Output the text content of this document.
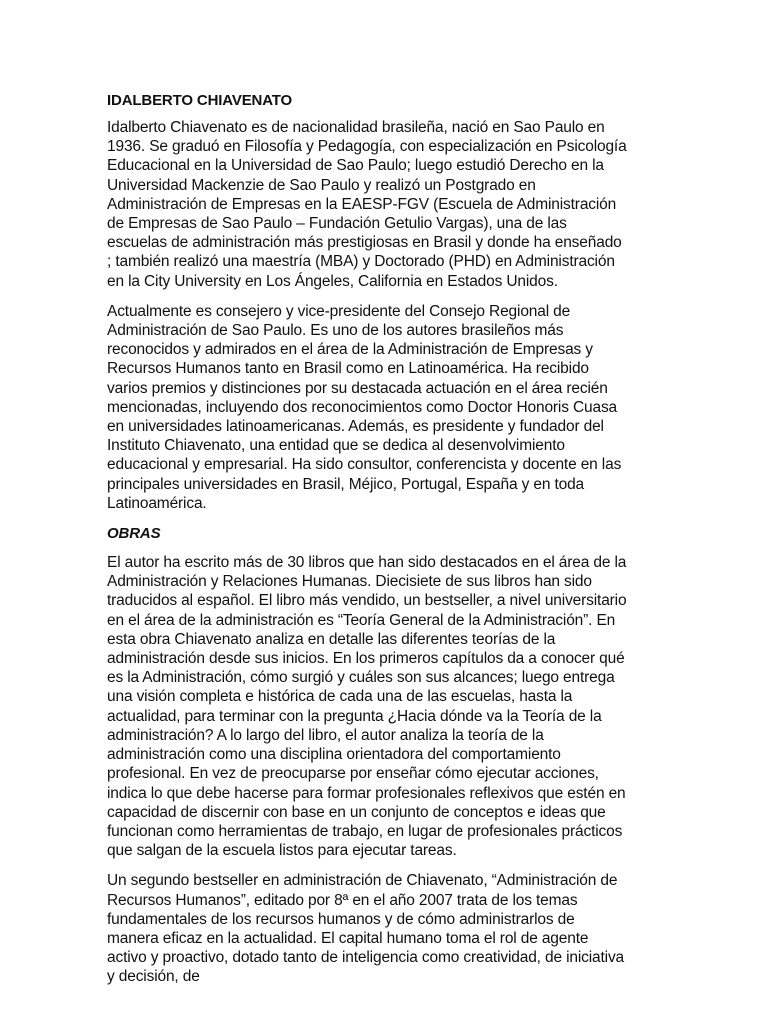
IDALBERTO CHIAVENATO

Idalberto Chiavenato es de nacionalidad brasileña, nació en Sao Paulo en 1936. Se graduó en Filosofía y Pedagogía, con especialización en Psicología Educacional en la Universidad de Sao Paulo; luego estudió Derecho en la Universidad Mackenzie de Sao Paulo y realizó un Postgrado en Administración de Empresas en la EAESP-FGV (Escuela de Administración de Empresas de Sao Paulo – Fundación Getulio Vargas), una de las escuelas de administración más prestigiosas en Brasil y donde ha enseñado ; también realizó una maestría (MBA) y Doctorado (PHD) en Administración en la City University en Los Ángeles, California en Estados Unidos.

Actualmente es consejero y vice-presidente del Consejo Regional de Administración de Sao Paulo. Es uno de los autores brasileños más reconocidos y admirados en el área de la Administración de Empresas y Recursos Humanos tanto en Brasil como en Latinoamérica. Ha recibido varios premios y distinciones por su destacada actuación en el área recién mencionadas, incluyendo dos reconocimientos como Doctor Honoris Cuasa en universidades latinoamericanas. Además, es presidente y fundador del Instituto Chiavenato, una entidad que se dedica al desenvolvimiento educacional y empresarial. Ha sido consultor, conferencista y docente en las principales universidades en Brasil, Méjico, Portugal, España y en toda Latinoamérica.

OBRAS

El autor ha escrito más de 30 libros que han sido destacados en el área de la Administración y Relaciones Humanas. Diecisiete de sus libros han sido traducidos al español. El libro más vendido, un bestseller, a nivel universitario en el área de la administración es “Teoría General de la Administración”. En esta obra Chiavenato analiza en detalle las diferentes teorías de la administración desde sus inicios. En los primeros capítulos da a conocer qué es la Administración, cómo surgió y cuáles son sus alcances; luego entrega una visión completa e histórica de cada una de las escuelas, hasta la actualidad, para terminar con la pregunta ¿Hacia dónde va la Teoría de la administración? A lo largo del libro, el autor analiza la teoría de la administración como una disciplina orientadora del comportamiento profesional. En vez de preocuparse por enseñar cómo ejecutar acciones, indica lo que debe hacerse para formar profesionales reflexivos que estén en capacidad de discernir con base en un conjunto de conceptos e ideas que funcionan como herramientas de trabajo, en lugar de profesionales prácticos que salgan de la escuela listos para ejecutar tareas.

Un segundo bestseller en administración de Chiavenato, “Administración de Recursos Humanos”, editado por 8ª en el año 2007 trata de los temas fundamentales de los recursos humanos y de cómo administrarlos de manera eficaz en la actualidad. El capital humano toma el rol de agente activo y proactivo, dotado tanto de inteligencia como creatividad, de iniciativa y decisión, de
